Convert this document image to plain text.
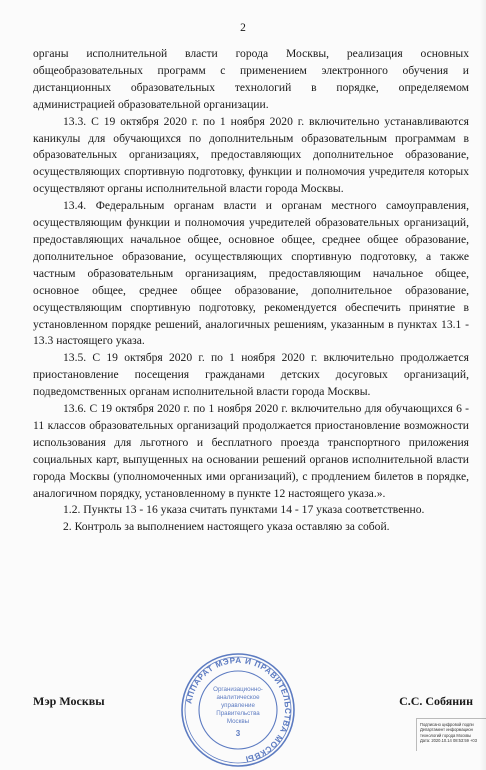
2

органы исполнительной власти города Москвы, реализация основных общеобразовательных программ с применением электронного обучения и дистанционных образовательных технологий в порядке, определяемом администрацией образовательной организации.

13.3. С 19 октября 2020 г. по 1 ноября 2020 г. включительно устанавливаются каникулы для обучающихся по дополнительным образовательным программам в образовательных организациях, предоставляющих дополнительное образование, осуществляющих спортивную подготовку, функции и полномочия учредителя которых осуществляют органы исполнительной власти города Москвы.

13.4. Федеральным органам власти и органам местного самоуправления, осуществляющим функции и полномочия учредителей образовательных организаций, предоставляющих начальное общее, основное общее, среднее общее образование, дополнительное образование, осуществляющих спортивную подготовку, а также частным образовательным организациям, предоставляющим начальное общее, основное общее, среднее общее образование, дополнительное образование, осуществляющим спортивную подготовку, рекомендуется обеспечить принятие в установленном порядке решений, аналогичных решениям, указанным в пунктах 13.1 - 13.3 настоящего указа.

13.5. С 19 октября 2020 г. по 1 ноября 2020 г. включительно продолжается приостановление посещения гражданами детских досуговых организаций, подведомственных органам исполнительной власти города Москвы.

13.6. С 19 октября 2020 г. по 1 ноября 2020 г. включительно для обучающихся 6 - 11 классов образовательных организаций продолжается приостановление возможности использования для льготного и бесплатного проезда транспортного приложения социальных карт, выпущенных на основании решений органов исполнительной власти города Москвы (уполномоченных ими организаций), с продлением билетов в порядке, аналогичном порядку, установленному в пункте 12 настоящего указа.».

1.2. Пункты 13 - 16 указа считать пунктами 14 - 17 указа соответственно.

2. Контроль за выполнением настоящего указа оставляю за собой.

АППАРАТ МЭРА И ПРАВИТЕЛЬСТВА МОСКВЫ
Организационно-
аналитическое
управление
Правительства
Москвы
3
Мэр Москвы	С.С. Собянин
Подписано цифровой подпи
Департамент информацион
технологий города Москвы
Дата: 2020.10.14 08:53:59 +03
